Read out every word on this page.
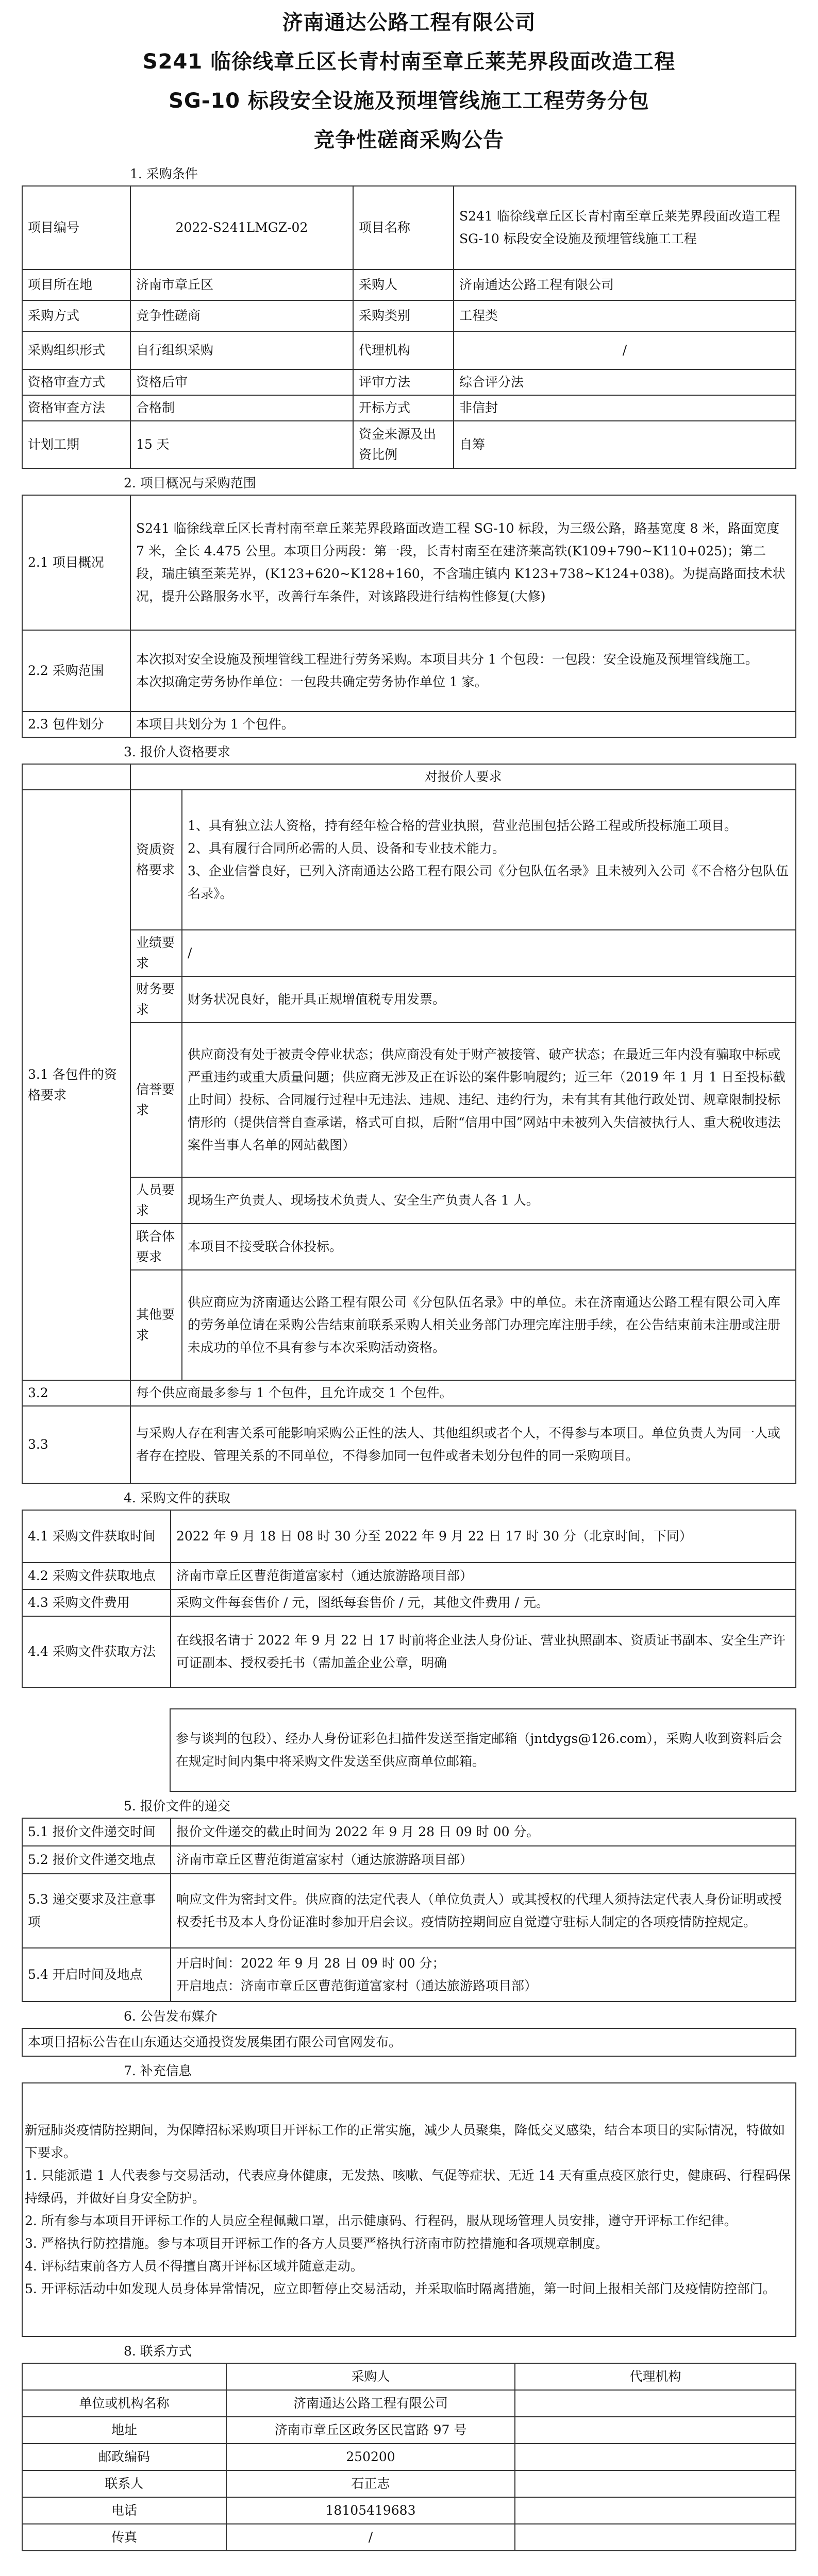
济南通达公路工程有限公司
S241 临徐线章丘区长青村南至章丘莱芜界段面改造工程
SG-10 标段安全设施及预埋管线施工工程劳务分包
竞争性磋商采购公告
1. 采购条件
项目编号	2022-S241LMGZ-02	项目名称	S241 临徐线章丘区长青村南至章丘莱芜界段面改造工程 SG-10 标段安全设施及预埋管线施工工程
项目所在地	济南市章丘区	采购人	济南通达公路工程有限公司
采购方式	竞争性磋商	采购类别	工程类
采购组织形式	自行组织采购	代理机构	/
资格审查方式	资格后审	评审方法	综合评分法
资格审查方法	合格制	开标方式	非信封
计划工期	15 天	资金来源及出资比例	自筹
2. 项目概况与采购范围
2.1 项目概况	S241 临徐线章丘区长青村南至章丘莱芜界段路面改造工程 SG-10 标段，为三级公路，路基宽度 8 米，路面宽度 7 米，全长 4.475 公里。本项目分两段：第一段，长青村南至在建济莱高铁(K109+790~K110+025)；第二段，瑞庄镇至莱芜界，(K123+620~K128+160，不含瑞庄镇内 K123+738~K124+038)。为提高路面技术状况，提升公路服务水平，改善行车条件，对该路段进行结构性修复(大修)
2.2 采购范围	本次拟对安全设施及预埋管线工程进行劳务采购。本项目共分 1 个包段：一包段：安全设施及预埋管线施工。
本次拟确定劳务协作单位：一包段共确定劳务协作单位 1 家。

2.3 包件划分	本项目共划分为 1 个包件。
3. 报价人资格要求
	对报价人要求	
3.1 各包件的资格要求	资质资格要求	1、具有独立法人资格，持有经年检合格的营业执照，营业范围包括公路工程或所投标施工项目。
2、具有履行合同所必需的人员、设备和专业技术能力。
3、企业信誉良好，已列入济南通达公路工程有限公司《分包队伍名录》且未被列入公司《不合格分包队伍名录》。
	业绩要求	/
	财务要求	财务状况良好，能开具正规增值税专用发票。
	信誉要求	供应商没有处于被责令停业状态；供应商没有处于财产被接管、破产状态；在最近三年内没有骗取中标或严重违约或重大质量问题；供应商无涉及正在诉讼的案件影响履约；近三年（2019 年 1 月 1 日至投标截止时间）投标、合同履行过程中无违法、违规、违纪、违约行为，未有其有其他行政处罚、规章限制投标情形的（提供信誉自查承诺，格式可自拟，后附“信用中国”网站中未被列入失信被执行人、重大税收违法案件当事人名单的网站截图）
	人员要求	现场生产负责人、现场技术负责人、安全生产负责人各 1 人。
	联合体要求	本项目不接受联合体投标。
	其他要求	供应商应为济南通达公路工程有限公司《分包队伍名录》中的单位。未在济南通达公路工程有限公司入库的劳务单位请在采购公告结束前联系采购人相关业务部门办理完库注册手续，在公告结束前未注册或注册未成功的单位不具有参与本次采购活动资格。
3.2	每个供应商最多参与 1 个包件，且允许成交 1 个包件。	
3.3	与采购人存在利害关系可能影响采购公正性的法人、其他组织或者个人，不得参与本项目。单位负责人为同一人或者存在控股、管理关系的不同单位，不得参加同一包件或者未划分包件的同一采购项目。	
4. 采购文件的获取
4.1 采购文件获取时间	2022 年 9 月 18 日 08 时 30 分至 2022 年 9 月 22 日 17 时 30 分（北京时间，下同）
4.2 采购文件获取地点	济南市章丘区曹范街道富家村（通达旅游路项目部）
4.3 采购文件费用	采购文件每套售价 / 元，图纸每套售价 / 元，其他文件费用 / 元。
4.4 采购文件获取方法	在线报名请于 2022 年 9 月 22 日 17 时前将企业法人身份证、营业执照副本、资质证书副本、安全生产许可证副本、授权委托书（需加盖企业公章，明确
	参与谈判的包段）、经办人身份证彩色扫描件发送至指定邮箱（jntdygs@126.com），采购人收到资料后会在规定时间内集中将采购文件发送至供应商单位邮箱。
5. 报价文件的递交
5.1 报价文件递交时间	报价文件递交的截止时间为 2022 年 9 月 28 日 09 时 00 分。
5.2 报价文件递交地点	济南市章丘区曹范街道富家村（通达旅游路项目部）
5.3 递交要求及注意事项	响应文件为密封文件。供应商的法定代表人（单位负责人）或其授权的代理人须持法定代表人身份证明或授权委托书及本人身份证准时参加开启会议。疫情防控期间应自觉遵守驻标人制定的各项疫情防控规定。
5.4 开启时间及地点	开启时间：2022 年 9 月 28 日 09 时 00 分；
开启地点：济南市章丘区曹范街道富家村（通达旅游路项目部）
6. 公告发布媒介
本项目招标公告在山东通达交通投资发展集团有限公司官网发布。
7. 补充信息
新冠肺炎疫情防控期间，为保障招标采购项目开评标工作的正常实施，减少人员聚集，降低交叉感染，结合本项目的实际情况，特做如下要求。
1. 只能派遣 1 人代表参与交易活动，代表应身体健康，无发热、咳嗽、气促等症状、无近 14 天有重点疫区旅行史，健康码、行程码保持绿码，并做好自身安全防护。
2. 所有参与本项目开评标工作的人员应全程佩戴口罩，出示健康码、行程码，服从现场管理人员安排，遵守开评标工作纪律。
3. 严格执行防控措施。参与本项目开评标工作的各方人员要严格执行济南市防控措施和各项规章制度。
4. 评标结束前各方人员不得擅自离开评标区域并随意走动。
5. 开评标活动中如发现人员身体异常情况，应立即暂停止交易活动，并采取临时隔离措施，第一时间上报相关部门及疫情防控部门。
8. 联系方式
	采购人	代理机构
单位或机构名称	济南通达公路工程有限公司	
地址	济南市章丘区政务区民富路 97 号	
邮政编码	250200	
联系人	石正志	
电话	18105419683	
传真	/	
